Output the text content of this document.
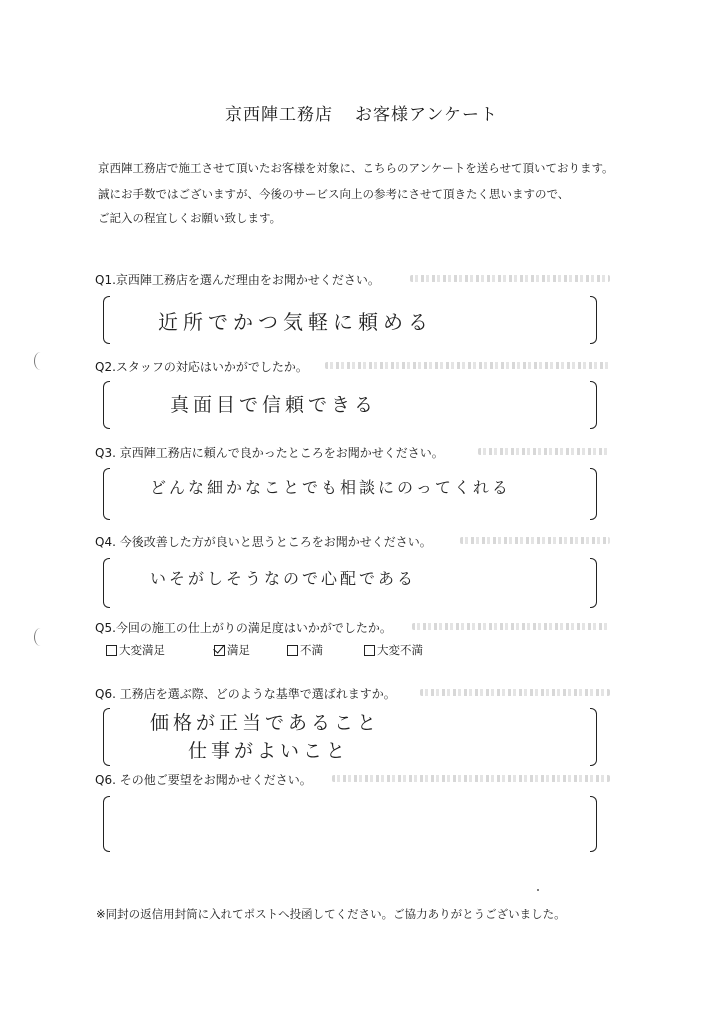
京西陣工務店 お客様アンケート
京西陣工務店で施工させて頂いたお客様を対象に、こちらのアンケートを送らせて頂いております。
誠にお手数ではございますが、今後のサービス向上の参考にさせて頂きたく思いますので、
ご記入の程宜しくお願い致します。
Q1.京西陣工務店を選んだ理由をお聞かせください。
近所でかつ気軽に頼める
Q2.スタッフの対応はいかがでしたか。
真面目で信頼できる
Q3. 京西陣工務店に頼んで良かったところをお聞かせください。
どんな細かなことでも相談にのってくれる
Q4. 今後改善した方が良いと思うところをお聞かせください。
いそがしそうなので心配である
Q5.今回の施工の仕上がりの満足度はいかがでしたか。
大変満足	満足	不満	大変不満
Q6. 工務店を選ぶ際、どのような基準で選ばれますか。
価格が正当であること
仕事がよいこと
Q6. その他ご要望をお聞かせください。
※同封の返信用封筒に入れてポストへ投函してください。ご協力ありがとうございました。
